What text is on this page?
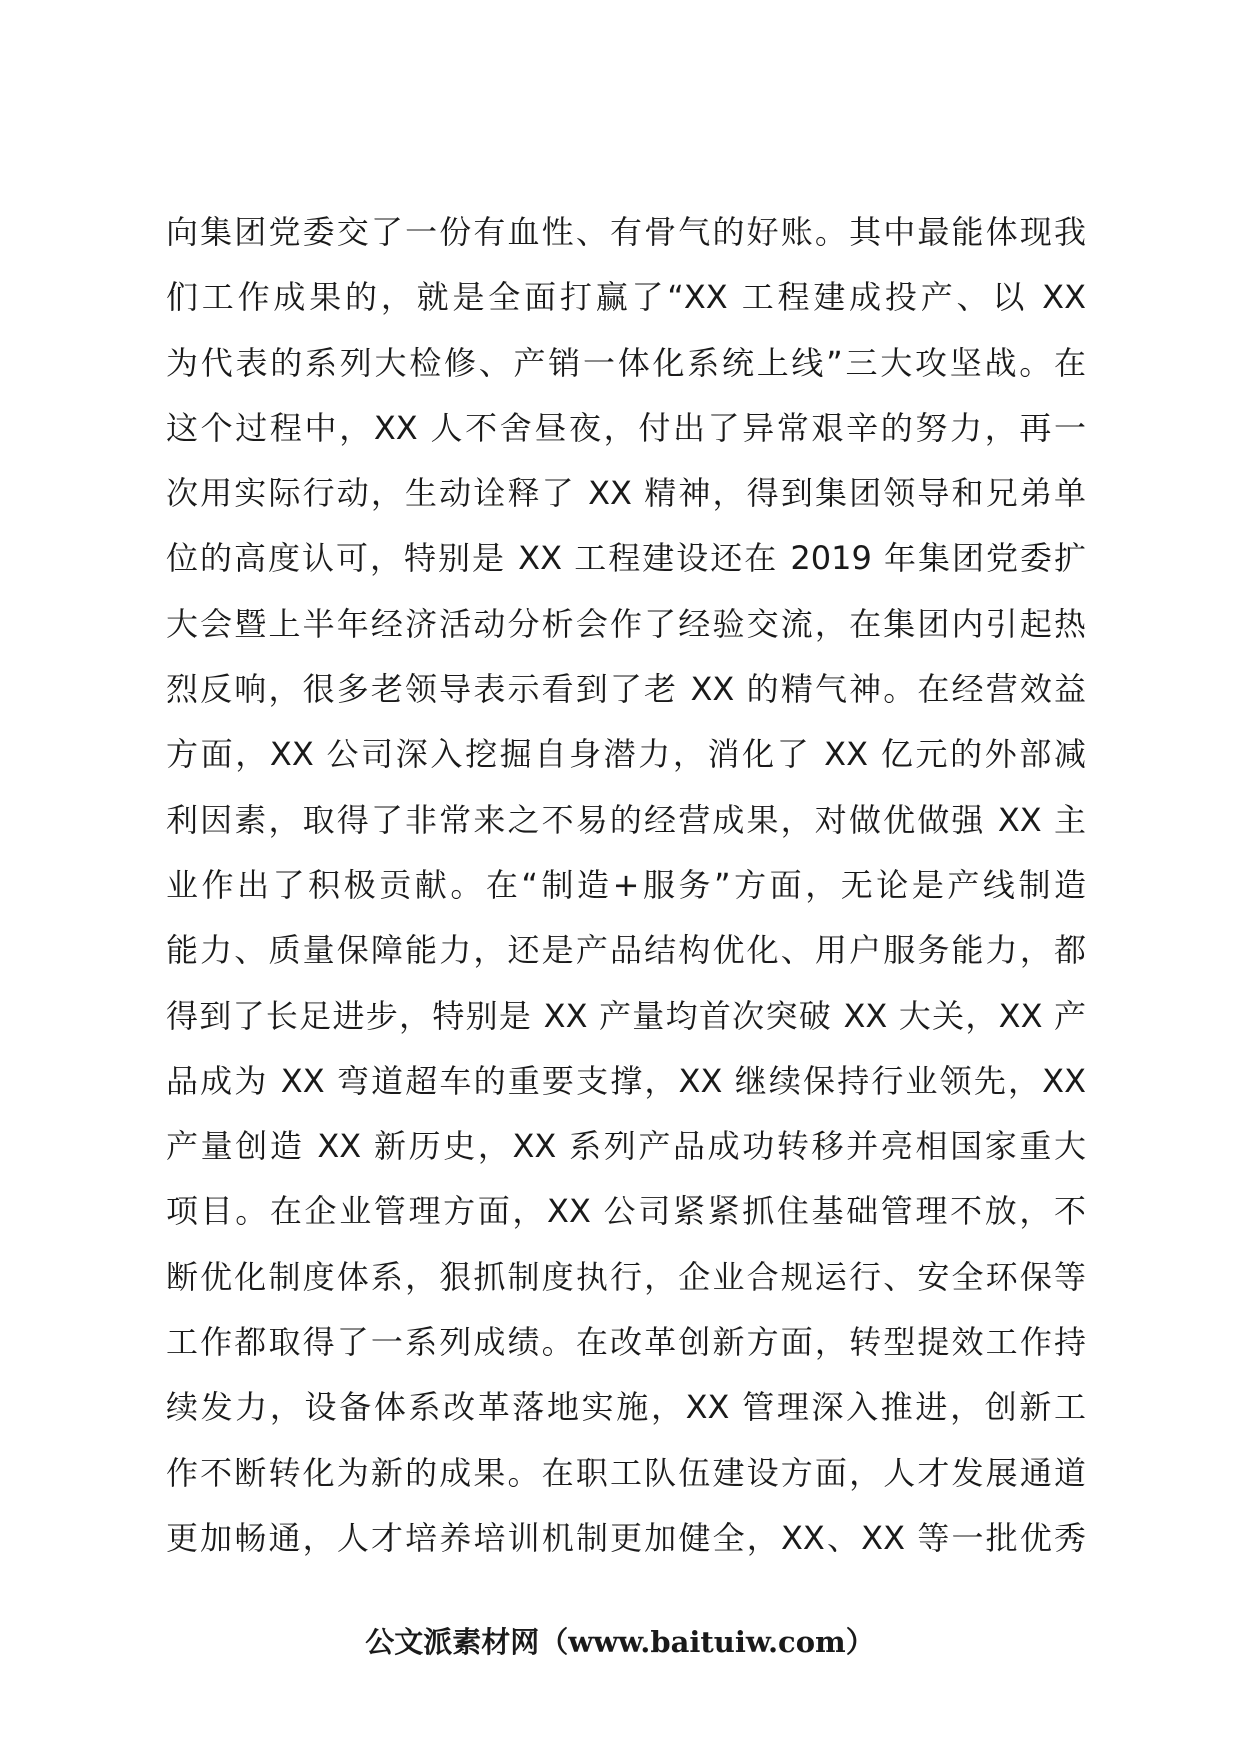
向集团党委交了一份有血性、有骨气的好账。其中最能体现我
们工作成果的，就是全面打赢了“XX 工程建成投产、以 XX
为代表的系列大检修、产销一体化系统上线”三大攻坚战。在
这个过程中，XX 人不舍昼夜，付出了异常艰辛的努力，再一
次用实际行动，生动诠释了 XX 精神，得到集团领导和兄弟单
位的高度认可，特别是 XX 工程建设还在 2019 年集团党委扩
大会暨上半年经济活动分析会作了经验交流，在集团内引起热
烈反响，很多老领导表示看到了老 XX 的精气神。在经营效益
方面，XX 公司深入挖掘自身潜力，消化了 XX 亿元的外部减
利因素，取得了非常来之不易的经营成果，对做优做强 XX 主
业作出了积极贡献。在“制造+服务”方面，无论是产线制造
能力、质量保障能力，还是产品结构优化、用户服务能力，都
得到了长足进步，特别是 XX 产量均首次突破 XX 大关，XX 产
品成为 XX 弯道超车的重要支撑，XX 继续保持行业领先，XX
产量创造 XX 新历史，XX 系列产品成功转移并亮相国家重大
项目。在企业管理方面，XX 公司紧紧抓住基础管理不放，不
断优化制度体系，狠抓制度执行，企业合规运行、安全环保等
工作都取得了一系列成绩。在改革创新方面，转型提效工作持
续发力，设备体系改革落地实施，XX 管理深入推进，创新工
作不断转化为新的成果。在职工队伍建设方面，人才发展通道
更加畅通，人才培养培训机制更加健全，XX、XX 等一批优秀
公文派素材网（www.baituiw.com）
